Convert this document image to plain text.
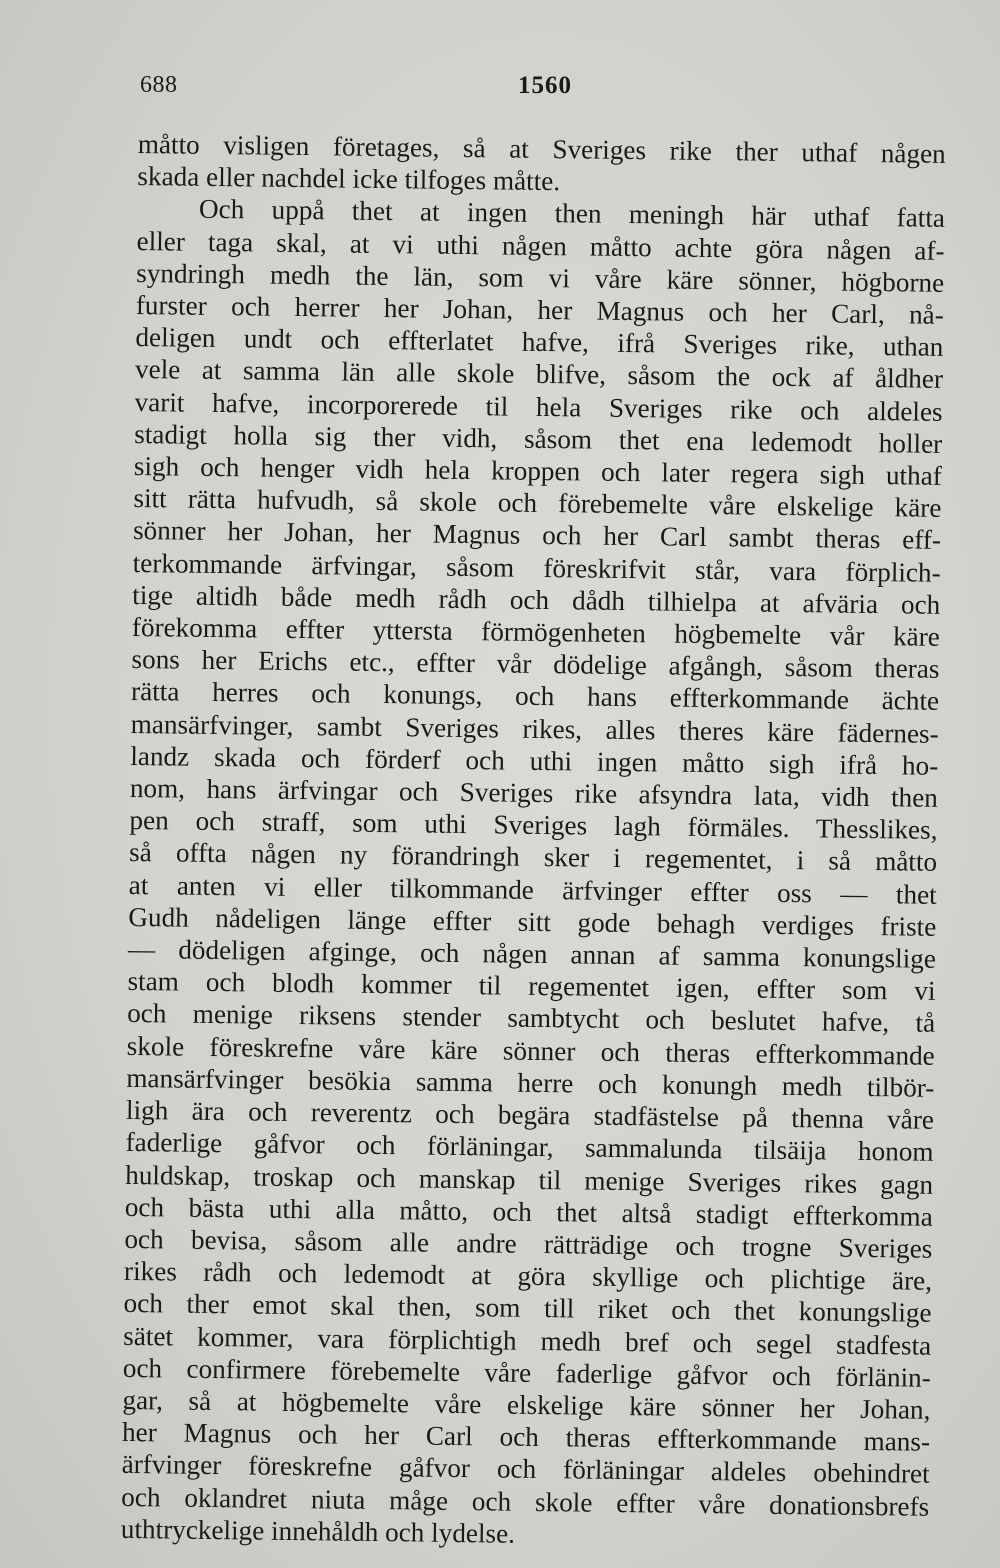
688	1560
måtto visligen företages, så at Sveriges rike ther uthaf någen
skada eller nachdel icke tilfoges måtte.
Och uppå thet at ingen then meningh här uthaf fatta
eller taga skal, at vi uthi någen måtto achte göra någen af-
syndringh medh the län, som vi våre käre sönner, högborne
furster och herrer her Johan, her Magnus och her Carl, nå-
deligen undt och effterlatet hafve, ifrå Sveriges rike, uthan
vele at samma län alle skole blifve, såsom the ock af åldher
varit hafve, incorporerede til hela Sveriges rike och aldeles
stadigt holla sig ther vidh, såsom thet ena ledemodt holler
sigh och henger vidh hela kroppen och later regera sigh uthaf
sitt rätta hufvudh, så skole och förebemelte våre elskelige käre
sönner her Johan, her Magnus och her Carl sambt theras eff-
terkommande ärfvingar, såsom föreskrifvit står, vara förplich-
tige altidh både medh rådh och dådh tilhielpa at afväria och
förekomma effter yttersta förmögenheten högbemelte vår käre
sons her Erichs etc., effter vår dödelige afgångh, såsom theras
rätta herres och konungs, och hans effterkommande ächte
mansärfvinger, sambt Sveriges rikes, alles theres käre fädernes-
landz skada och förderf och uthi ingen måtto sigh ifrå ho-
nom, hans ärfvingar och Sveriges rike afsyndra lata, vidh then
pen och straff, som uthi Sveriges lagh förmäles. Thesslikes,
så offta någen ny förandringh sker i regementet, i så måtto
at anten vi eller tilkommande ärfvinger effter oss — thet
Gudh nådeligen länge effter sitt gode behagh verdiges friste
— dödeligen afginge, och någen annan af samma konungslige
stam och blodh kommer til regementet igen, effter som vi
och menige riksens stender sambtycht och beslutet hafve, tå
skole föreskrefne våre käre sönner och theras effterkommande
mansärfvinger besökia samma herre och konungh medh tilbör-
ligh ära och reverentz och begära stadfästelse på thenna våre
faderlige gåfvor och förläningar, sammalunda tilsäija honom
huldskap, troskap och manskap til menige Sveriges rikes gagn
och bästa uthi alla måtto, och thet altså stadigt effterkomma
och bevisa, såsom alle andre rätträdige och trogne Sveriges
rikes rådh och ledemodt at göra skyllige och plichtige äre,
och ther emot skal then, som till riket och thet konungslige
sätet kommer, vara förplichtigh medh bref och segel stadfesta
och confirmere förebemelte våre faderlige gåfvor och förlänin-
gar, så at högbemelte våre elskelige käre sönner her Johan,
her Magnus och her Carl och theras effterkommande mans-
ärfvinger föreskrefne gåfvor och förläningar aldeles obehindret
och oklandret niuta måge och skole effter våre donationsbrefs
uthtryckelige innehåldh och lydelse.
